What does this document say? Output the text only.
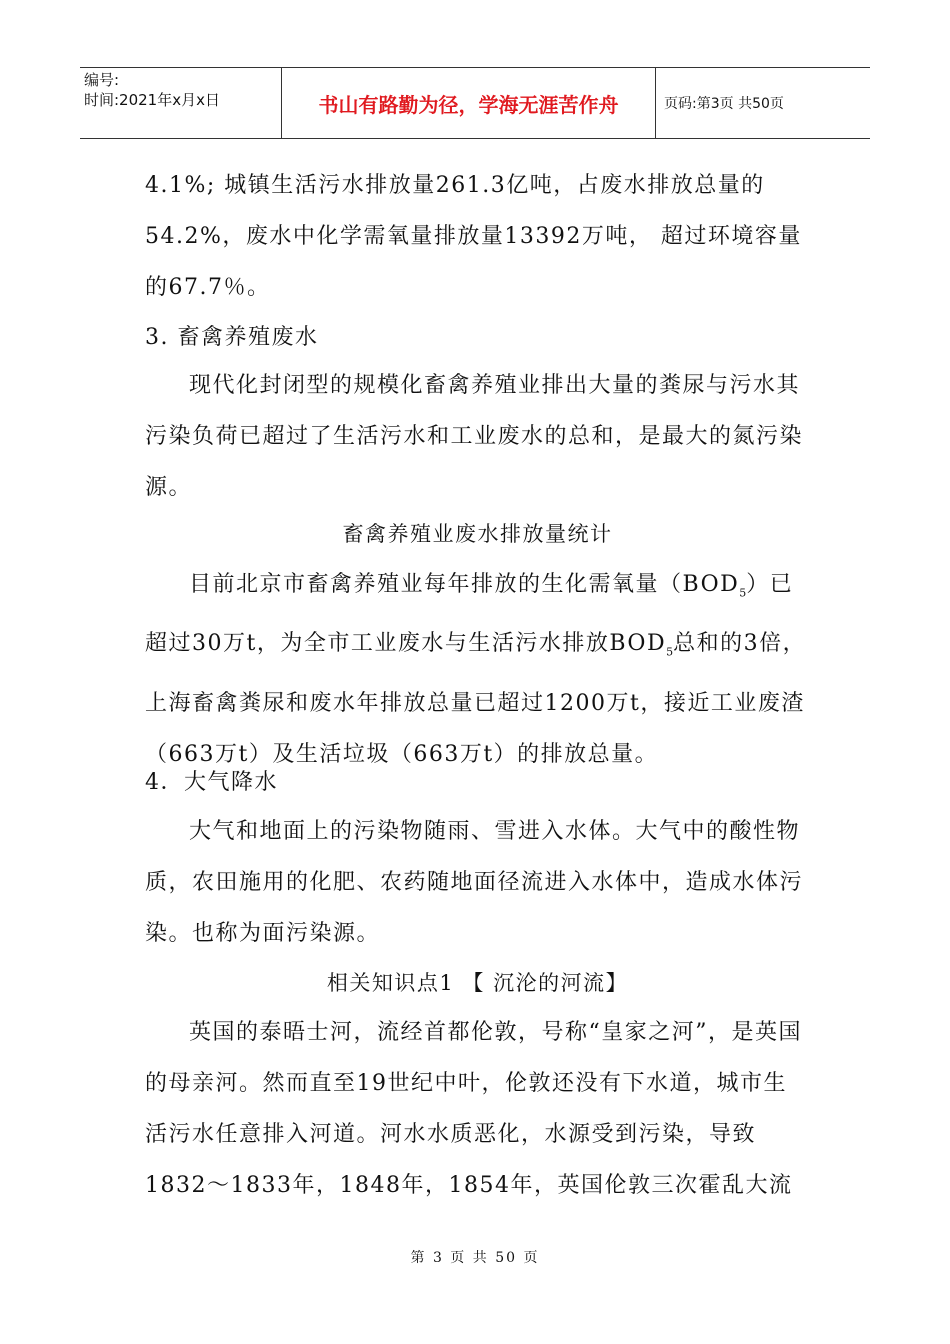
编号:
时间:2021年x月x日	书山有路勤为径，学海无涯苦作舟	页码:第3页 共50页

4.1%; 城镇生活污水排放量261.3亿吨，占废水排放总量的54.2%，废水中化学需氧量排放量13392万吨， 超过环境容量的67.7％。

3. 畜禽养殖废水

现代化封闭型的规模化畜禽养殖业排出大量的粪尿与污水其污染负荷已超过了生活污水和工业废水的总和，是最大的氮污染源。

畜禽养殖业废水排放量统计

目前北京市畜禽养殖业每年排放的生化需氧量$(BOD_5)$已超过30万t，为全市工业废水与生活污水排放$BOD_5$总和的3倍，上海畜禽粪尿和废水年排放总量已超过1200万t，接近工业废渣（663万t）及生活垃圾（663万t）的排放总量。

4．大气降水

大气和地面上的污染物随雨、雪进入水体。大气中的酸性物质，农田施用的化肥、农药随地面径流进入水体中，造成水体污染。也称为面污染源。

相关知识点1 【 沉沦的河流】

英国的泰晤士河，流经首都伦敦，号称“皇家之河”，是英国的母亲河。然而直至19世纪中叶，伦敦还没有下水道，城市生活污水任意排入河道。河水水质恶化，水源受到污染，导致1832～1833年，1848年，1854年，英国伦敦三次霍乱大流

第 3 页 共 50 页
